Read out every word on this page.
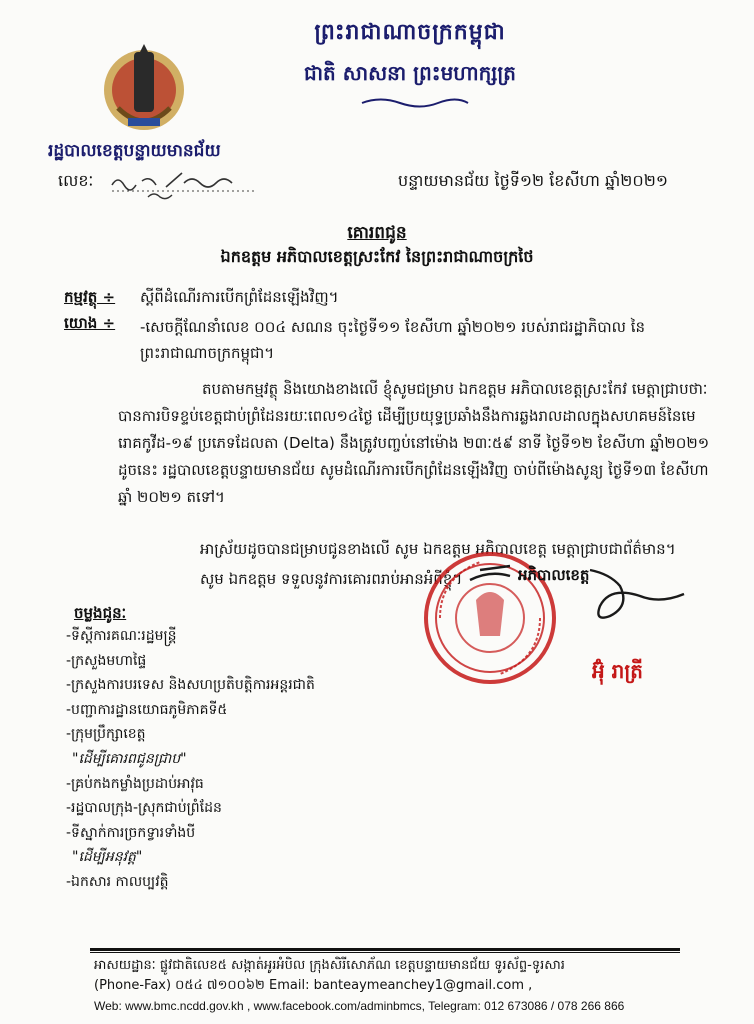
ព្រះរាជាណាចក្រកម្ពុជា
ជាតិ សាសនា ព្រះមហាក្សត្រ
រដ្ឋបាលខេត្តបន្ទាយមានជ័យ
លេខៈ	បន្ទាយមានជ័យ ថ្ងៃទី១២ ខែសីហា ឆ្នាំ២០២១
គោរពជូន
ឯកឧត្តម អភិបាលខេត្តស្រះកែវ នៃព្រះរាជាណាចក្រថៃ
កម្មវត្ថុ ÷ ស្តីពីដំណើរការបើកព្រំដែនឡើងវិញ។
យោង ÷ -សេចក្តីណែនាំលេខ ០០៤ សណន ចុះថ្ងៃទី១១ ខែសីហា ឆ្នាំ២០២១ របស់រាជរដ្ឋាភិបាល នៃព្រះរាជាណាចក្រកម្ពុជា។

តបតាមកម្មវត្ថុ និងយោងខាងលើ ខ្ញុំសូមជម្រាប ឯកឧត្តម អភិបាលខេត្តស្រះកែវ មេត្តាជ្រាបថាៈ បានការបិទខ្ទប់ខេត្តជាប់ព្រំដែនរយៈពេល១៤ថ្ងៃ ដើម្បីប្រយុទ្ធប្រឆាំងនឹងការឆ្លងរាលដាលក្នុងសហគមន៍នៃមេរោគកូវីដ-១៩ ប្រភេទដែលតា (Delta) នឹងត្រូវបញ្ចប់នៅម៉ោង ២៣ៈ៥៩ នាទី ថ្ងៃទី១២ ខែសីហា ឆ្នាំ២០២១ ដូចនេះ រដ្ឋបាលខេត្តបន្ទាយមានជ័យ សូមដំណើរការបើកព្រំដែនឡើងវិញ ចាប់ពីម៉ោងសូន្យ ថ្ងៃទី១៣ ខែសីហា ឆ្នាំ ២០២១ តទៅ។

អាស្រ័យដូចបានជម្រាបជូនខាងលើ សូម ឯកឧត្តម អភិបាលខេត្ត មេត្តាជ្រាបជាព័ត៌មាន។
សូម ឯកឧត្តម ទទួលនូវការគោរពរាប់អានអំពីខ្ញុំ។	អភិបាលខេត្ត
អ៊ុំ រាត្រី
ចម្លងជូនៈ
-ទីស្តីការគណៈរដ្ឋមន្ត្រី
-ក្រសួងមហាផ្ទៃ
-ក្រសួងការបរទេស និងសហប្រតិបត្តិការអន្តរជាតិ
-បញ្ជាការដ្ឋានយោធភូមិភាគទី៥
-ក្រុមប្រឹក្សាខេត្ត
"ដើម្បីគោរពជូនជ្រាប"
-គ្រប់កងកម្លាំងប្រដាប់អាវុធ
-រដ្ឋបាលក្រុង-ស្រុកជាប់ព្រំដែន
-ទីស្នាក់ការច្រកទ្វារទាំងបី
"ដើម្បីអនុវត្ត"
-ឯកសារ កាលប្បវត្តិ
អាសយដ្ឋានៈ ផ្លូវជាតិលេខ៥ សង្កាត់អូរអំបិល ក្រុងសិរីសោភ័ណ ខេត្តបន្ទាយមានជ័យ ទូរស័ព្ទ-ទូរសារ
(Phone-Fax) ០៥៤ ៧១០០៦២ Email: banteaymeanchey1@gmail.com ,
Web: www.bmc.ncdd.gov.kh , www.facebook.com/adminbmcs, Telegram: 012 673086 / 078 266 866
